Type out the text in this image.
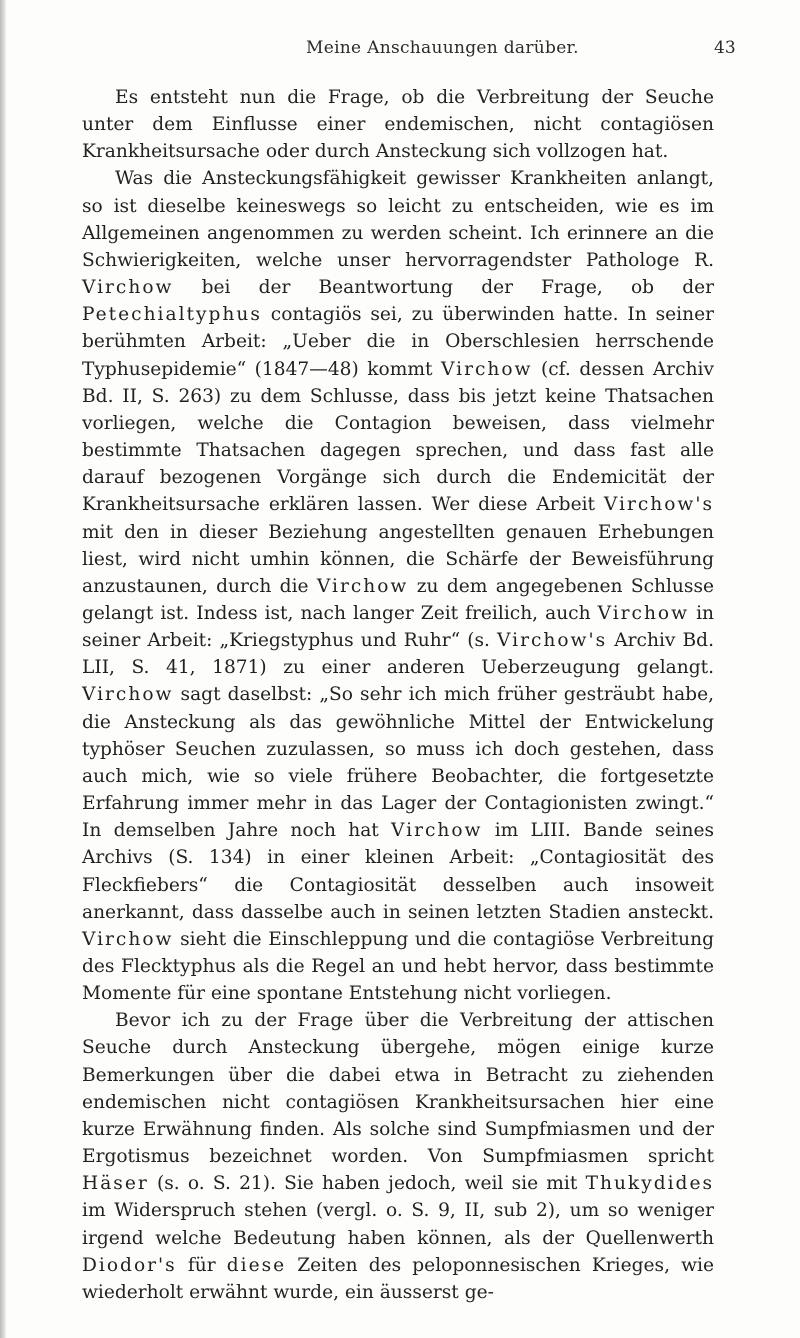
Meine Anschauungen darüber.	43

Es entsteht nun die Frage, ob die Verbreitung der Seuche unter dem Einflusse einer endemischen, nicht contagiösen Krankheitsursache oder durch Ansteckung sich vollzogen hat.

Was die Ansteckungsfähigkeit gewisser Krankheiten anlangt, so ist dieselbe keineswegs so leicht zu entscheiden, wie es im Allgemeinen angenommen zu werden scheint. Ich erinnere an die Schwierigkeiten, welche unser hervorragendster Pathologe R. Virchow bei der Beantwortung der Frage, ob der Petechialtyphus contagiös sei, zu überwinden hatte. In seiner berühmten Arbeit: „Ueber die in Oberschlesien herrschende Typhusepidemie“ (1847—48) kommt Virchow (cf. dessen Archiv Bd. II, S. 263) zu dem Schlusse, dass bis jetzt keine Thatsachen vorliegen, welche die Contagion beweisen, dass vielmehr bestimmte Thatsachen dagegen sprechen, und dass fast alle darauf bezogenen Vorgänge sich durch die Endemicität der Krankheitsursache erklären lassen. Wer diese Arbeit Virchow's mit den in dieser Beziehung angestellten genauen Erhebungen liest, wird nicht umhin können, die Schärfe der Beweisführung anzustaunen, durch die Virchow zu dem angegebenen Schlusse gelangt ist. Indess ist, nach langer Zeit freilich, auch Virchow in seiner Arbeit: „Kriegstyphus und Ruhr“ (s. Virchow's Archiv Bd. LII, S. 41, 1871) zu einer anderen Ueberzeugung gelangt. Virchow sagt daselbst: „So sehr ich mich früher gesträubt habe, die Ansteckung als das gewöhnliche Mittel der Entwickelung typhöser Seuchen zuzulassen, so muss ich doch gestehen, dass auch mich, wie so viele frühere Beobachter, die fortgesetzte Erfahrung immer mehr in das Lager der Contagionisten zwingt.“ In demselben Jahre noch hat Virchow im LIII. Bande seines Archivs (S. 134) in einer kleinen Arbeit: „Contagiosität des Fleckfiebers“ die Contagiosität desselben auch insoweit anerkannt, dass dasselbe auch in seinen letzten Stadien ansteckt. Virchow sieht die Einschleppung und die contagiöse Verbreitung des Flecktyphus als die Regel an und hebt hervor, dass bestimmte Momente für eine spontane Entstehung nicht vorliegen.

Bevor ich zu der Frage über die Verbreitung der attischen Seuche durch Ansteckung übergehe, mögen einige kurze Bemerkungen über die dabei etwa in Betracht zu ziehenden endemischen nicht contagiösen Krankheitsursachen hier eine kurze Erwähnung finden. Als solche sind Sumpfmiasmen und der Ergotismus bezeichnet worden. Von Sumpfmiasmen spricht Häser (s. o. S. 21). Sie haben jedoch, weil sie mit Thukydides im Widerspruch stehen (vergl. o. S. 9, II, sub 2), um so weniger irgend welche Bedeutung haben können, als der Quellenwerth Diodor's für diese Zeiten des peloponnesischen Krieges, wie wiederholt erwähnt wurde, ein äusserst ge-
